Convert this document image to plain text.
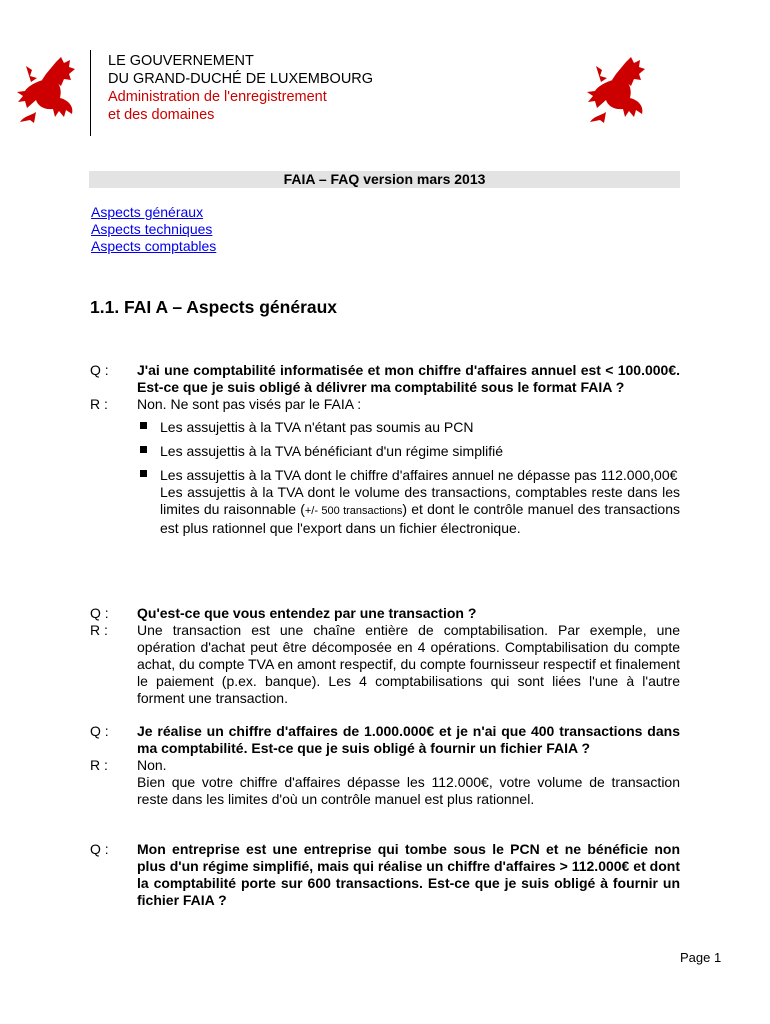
LE GOUVERNEMENT
DU GRAND-DUCHÉ DE LUXEMBOURG
Administration de l'enregistrement
et des domaines
FAIA – FAQ version mars 2013
Aspects généraux
Aspects techniques
Aspects comptables
1.1. FAI A – Aspects généraux
Q : J'ai une comptabilité informatisée et mon chiffre d'affaires annuel est < 100.000€. Est-ce que je suis obligé à délivrer ma comptabilité sous le format FAIA ?
R : Non. Ne sont pas visés par le FAIA :
Les assujettis à la TVA n'étant pas soumis au PCN
Les assujettis à la TVA bénéficiant d'un régime simplifié
Les assujettis à la TVA dont le chiffre d'affaires annuel ne dépasse pas 112.000,00€
Les assujettis à la TVA dont le volume des transactions, comptables reste dans les limites du raisonnable (+/- 500 transactions) et dont le contrôle manuel des transactions est plus rationnel que l'export dans un fichier électronique.
Q : Qu'est-ce que vous entendez par une transaction ?
R : Une transaction est une chaîne entière de comptabilisation. Par exemple, une opération d'achat peut être décomposée en 4 opérations. Comptabilisation du compte achat, du compte TVA en amont respectif, du compte fournisseur respectif et finalement le paiement (p.ex. banque). Les 4 comptabilisations qui sont liées l'une à l'autre forment une transaction.
Q : Je réalise un chiffre d'affaires de 1.000.000€ et je n'ai que 400 transactions dans ma comptabilité. Est-ce que je suis obligé à fournir un fichier FAIA ?
R : Non.
Bien que votre chiffre d'affaires dépasse les 112.000€, votre volume de transaction reste dans les limites d'où un contrôle manuel est plus rationnel.
Q : Mon entreprise est une entreprise qui tombe sous le PCN et ne bénéficie non plus d'un régime simplifié, mais qui réalise un chiffre d'affaires > 112.000€ et dont la comptabilité porte sur 600 transactions. Est-ce que je suis obligé à fournir un fichier FAIA ?
Page 1
